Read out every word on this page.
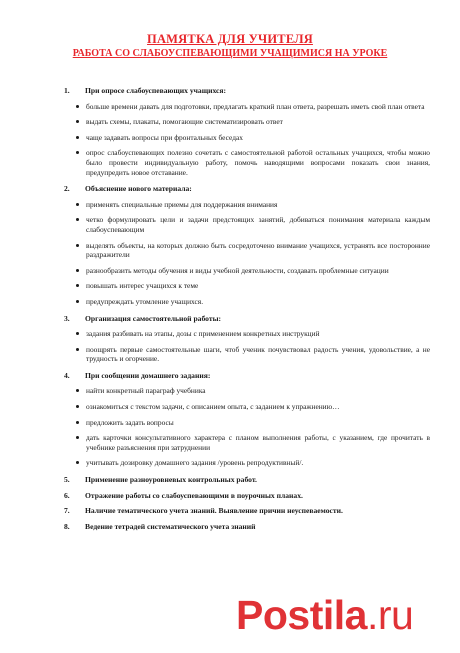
ПАМЯТКА ДЛЯ УЧИТЕЛЯ
РАБОТА СО СЛАБОУСПЕВАЮЩИМИ УЧАЩИМИСЯ НА УРОКЕ
1.	При опросе слабоуспевающих учащихся:
больше времени давать для подготовки, предлагать краткий план ответа, разрешать иметь свой план ответа
выдать схемы, плакаты, помогающие систематизировать ответ
чаще задавать вопросы при фронтальных беседах
опрос слабоуспевающих полезно сочетать с самостоятельной работой остальных учащихся, чтобы можно было провести индивидуальную работу, помочь наводящими вопросами показать свои знания, предупредить новое отставание.
2.	Объяснение нового материала:
применять специальные приемы для поддержания внимания
четко формулировать цели и задачи предстоящих занятий, добиваться понимания материала каждым слабоуспевающим
выделять объекты, на которых должно быть сосредоточено внимание учащихся, устранять все посторонние раздражители
разнообразить методы обучения и виды учебной деятельности, создавать проблемные ситуации
повышать интерес учащихся к теме
предупреждать утомление учащихся.
3.	Организация самостоятельной работы:
задания разбивать на этапы, дозы с применением конкретных инструкций
поощрять первые самостоятельные шаги, чтоб ученик почувствовал радость учения, удовольствие, а не трудность и огорчение.
4.	При сообщении домашнего задания:
найти конкретный параграф учебника
ознакомиться с текстом задачи, с описанием опыта, с заданием к упражнению…
предложить задать вопросы
дать карточки консультативного характера с планом выполнения работы, с указанием, где прочитать в учебнике разъяснения при затруднении
учитывать дозировку домашнего задания /уровень репродуктивный/.
5.	Применение разноуровневых контрольных работ.
6.	Отражение работы со слабоуспевающими в поурочных планах.
7.	Наличие тематического учета знаний. Выявление причин неуспеваемости.
8.	Ведение тетрадей систематического учета знаний
Postila.ru
